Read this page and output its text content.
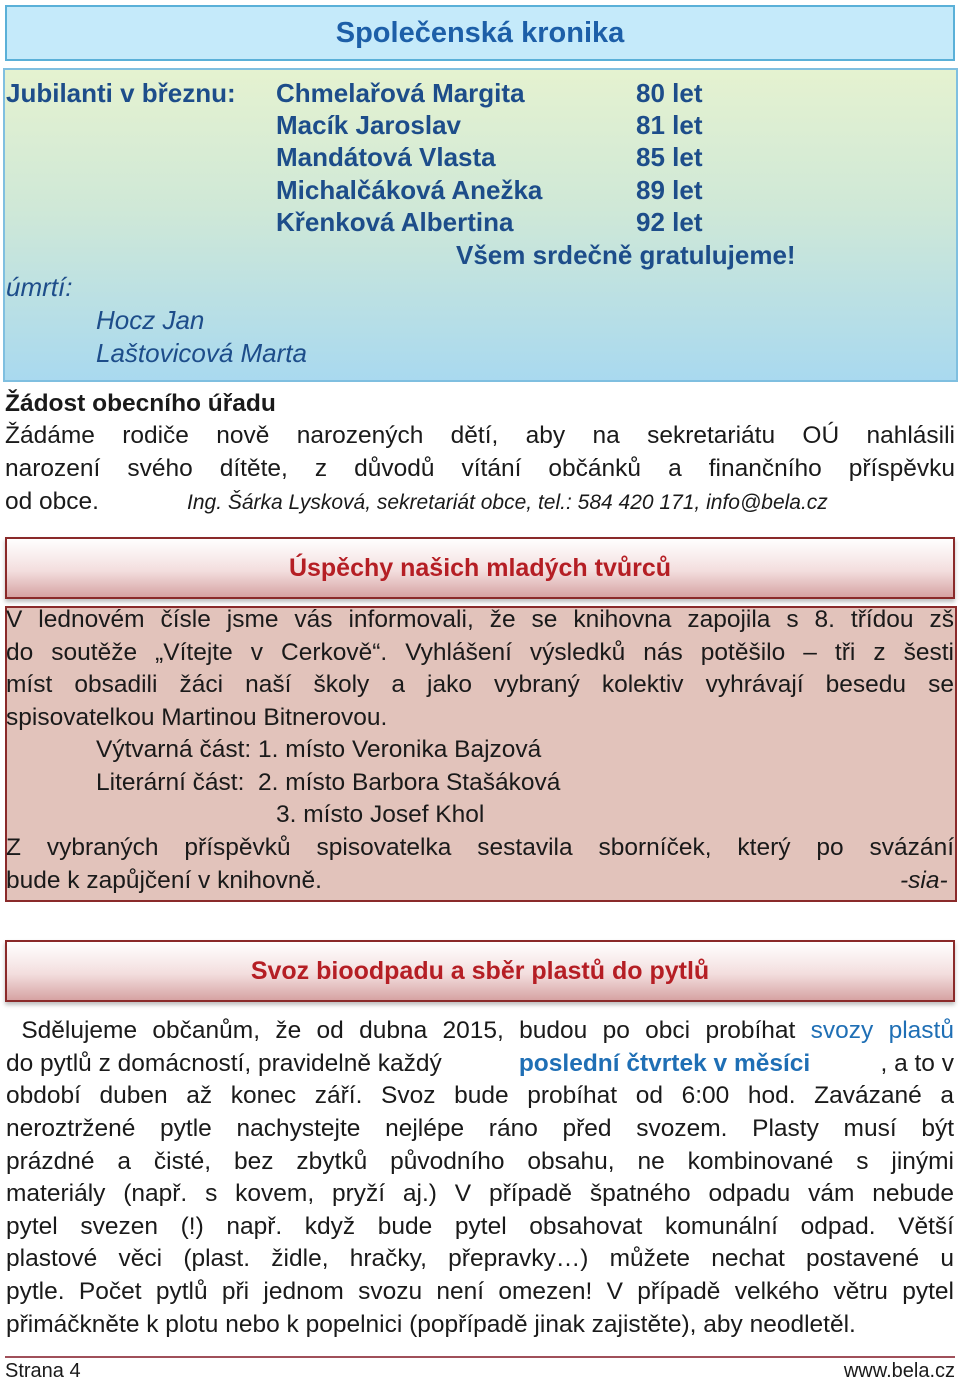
Společenská kronika
Jubilanti v březnu: Chmelařová Margita	80 let
Macík Jaroslav	81 let
Mandátová Vlasta	85 let
Michalčáková Anežka	89 let
Křenková Albertina	92 let
Všem srdečně gratulujeme!
úmrtí:
Hocz Jan
Laštovicová Marta
Žádost obecního úřadu
Žádáme rodiče nově narozených dětí, aby na sekretariátu OÚ nahlásili
narození svého dítěte, z důvodů vítání občánků a finančního příspěvku
od obce.	Ing. Šárka Lysková, sekretariát obce, tel.: 584 420 171, info@bela.cz
Úspěchy našich mladých tvůrců
V lednovém čísle jsme vás informovali, že se knihovna zapojila s 8. třídou zš
do soutěže „Vítejte v Cerkově“. Vyhlášení výsledků nás potěšilo – tři z šesti
míst obsadili žáci naší školy a jako vybraný kolektiv vyhrávají besedu se
spisovatelkou Martinou Bitnerovou.
Výtvarná část: 1. místo Veronika Bajzová
Literární část:  2. místo Barbora Stašáková
3. místo Josef Khol
Z vybraných příspěvků spisovatelka sestavila sborníček, který po svázání
bude k zapůjčení v knihovně.	-sia-
Svoz bioodpadu a sběr plastů do pytlů
Sdělujeme občanům, že od dubna 2015, budou po obci probíhat svozy plastů
do pytlů z domácností, pravidelně každý	poslední čtvrtek v měsíci	, a to v
období duben až konec září. Svoz bude probíhat od 6:00 hod. Zavázané a
neroztržené pytle nachystejte nejlépe ráno před svozem. Plasty musí být
prázdné a čisté, bez zbytků původního obsahu, ne kombinované s jinými
materiály (např. s kovem, pryží aj.) V případě špatného odpadu vám nebude
pytel svezen (!) např. když bude pytel obsahovat komunální odpad. Větší
plastové věci (plast. židle, hračky, přepravky…) můžete nechat postavené u
pytle. Počet pytlů při jednom svozu není omezen! V případě velkého větru pytel
přimáčkněte k plotu nebo k popelnici (popřípadě jinak zajistěte), aby neodletěl.
Strana 4	www.bela.cz
